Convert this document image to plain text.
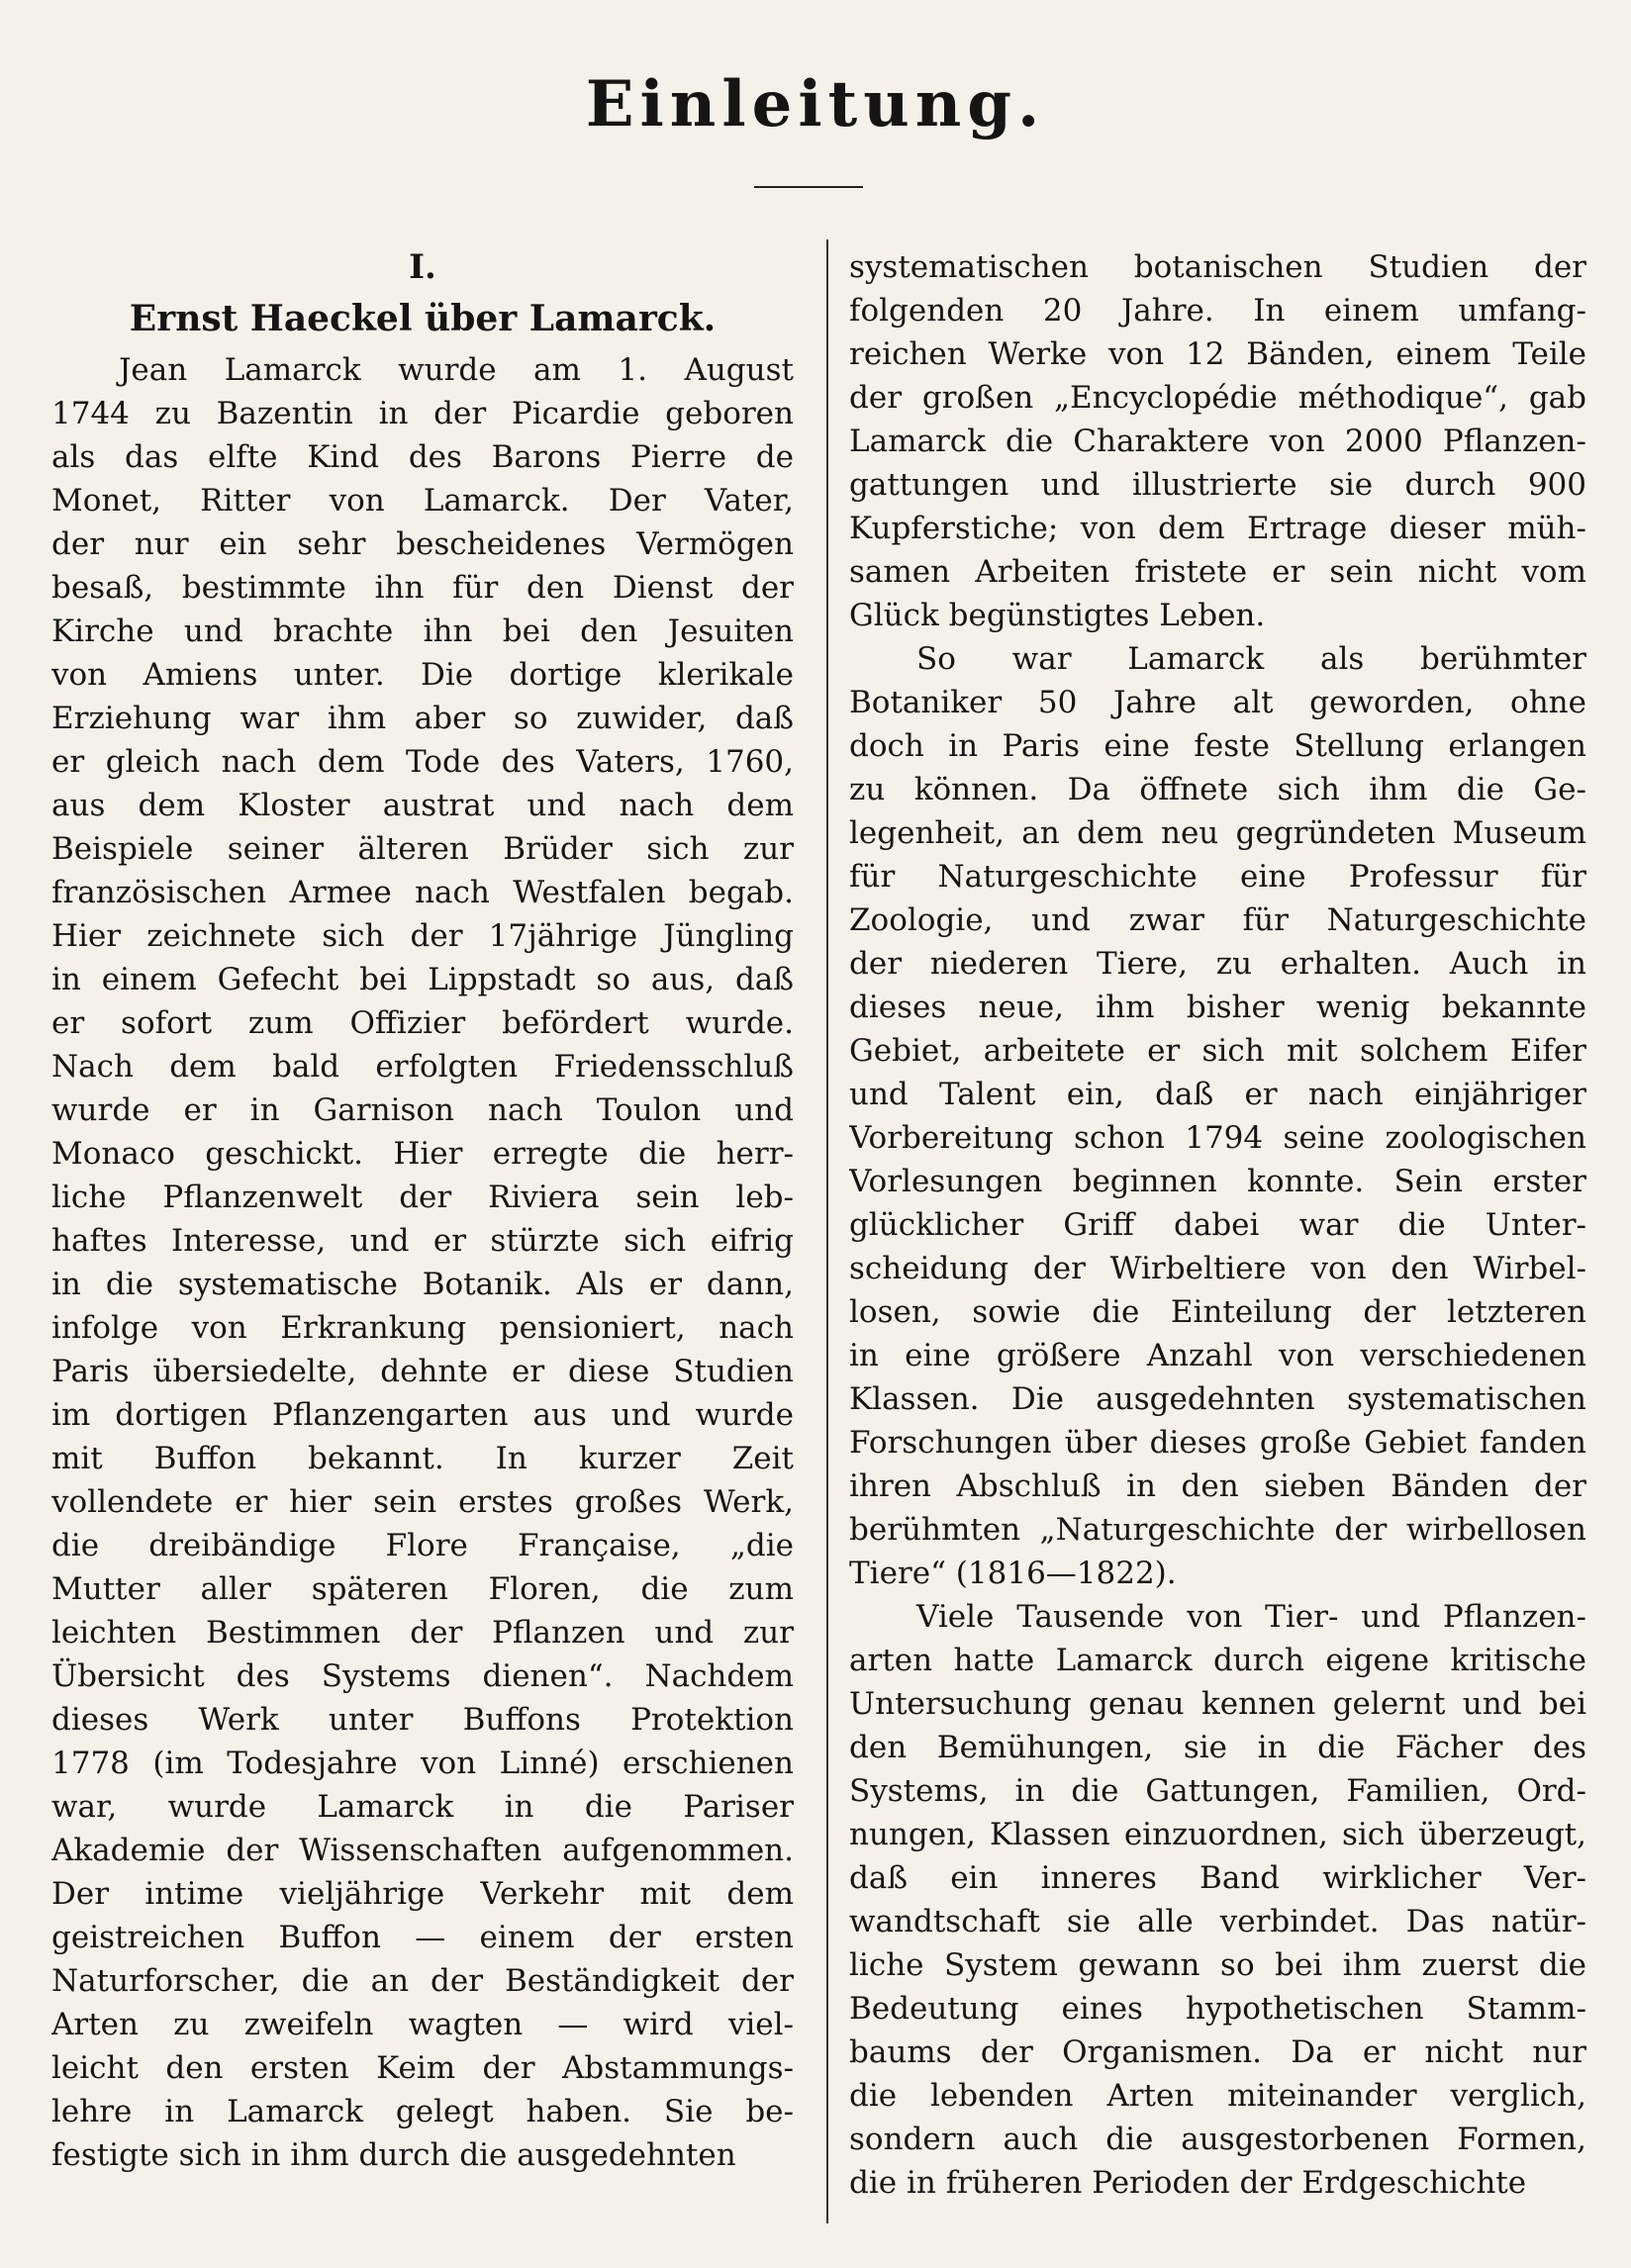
Einleitung.

I.

Ernst Haeckel über Lamarck.

Jean Lamarck wurde am 1. August
1744 zu Bazentin in der Picardie geboren
als das elfte Kind des Barons Pierre de
Monet, Ritter von Lamarck. Der Vater,
der nur ein sehr bescheidenes Vermögen
besaß, bestimmte ihn für den Dienst der
Kirche und brachte ihn bei den Jesuiten
von Amiens unter. Die dortige klerikale
Erziehung war ihm aber so zuwider, daß
er gleich nach dem Tode des Vaters, 1760,
aus dem Kloster austrat und nach dem
Beispiele seiner älteren Brüder sich zur
französischen Armee nach Westfalen begab.
Hier zeichnete sich der 17jährige Jüngling
in einem Gefecht bei Lippstadt so aus, daß
er sofort zum Offizier befördert wurde.
Nach dem bald erfolgten Friedensschluß
wurde er in Garnison nach Toulon und
Monaco geschickt. Hier erregte die herr-
liche Pflanzenwelt der Riviera sein leb-
haftes Interesse, und er stürzte sich eifrig
in die systematische Botanik. Als er dann,
infolge von Erkrankung pensioniert, nach
Paris übersiedelte, dehnte er diese Studien
im dortigen Pflanzengarten aus und wurde
mit Buffon bekannt. In kurzer Zeit
vollendete er hier sein erstes großes Werk,
die dreibändige Flore Française, „die
Mutter aller späteren Floren, die zum
leichten Bestimmen der Pflanzen und zur
Übersicht des Systems dienen“. Nachdem
dieses Werk unter Buffons Protektion
1778 (im Todesjahre von Linné) erschienen
war, wurde Lamarck in die Pariser
Akademie der Wissenschaften aufgenommen.
Der intime vieljährige Verkehr mit dem
geistreichen Buffon — einem der ersten
Naturforscher, die an der Beständigkeit der
Arten zu zweifeln wagten — wird viel-
leicht den ersten Keim der Abstammungs-
lehre in Lamarck gelegt haben. Sie be-
festigte sich in ihm durch die ausgedehnten
systematischen botanischen Studien der
folgenden 20 Jahre. In einem umfang-
reichen Werke von 12 Bänden, einem Teile
der großen „Encyclopédie méthodique“, gab
Lamarck die Charaktere von 2000 Pflanzen-
gattungen und illustrierte sie durch 900
Kupferstiche; von dem Ertrage dieser müh-
samen Arbeiten fristete er sein nicht vom
Glück begünstigtes Leben.
So war Lamarck als berühmter
Botaniker 50 Jahre alt geworden, ohne
doch in Paris eine feste Stellung erlangen
zu können. Da öffnete sich ihm die Ge-
legenheit, an dem neu gegründeten Museum
für Naturgeschichte eine Professur für
Zoologie, und zwar für Naturgeschichte
der niederen Tiere, zu erhalten. Auch in
dieses neue, ihm bisher wenig bekannte
Gebiet, arbeitete er sich mit solchem Eifer
und Talent ein, daß er nach einjähriger
Vorbereitung schon 1794 seine zoologischen
Vorlesungen beginnen konnte. Sein erster
glücklicher Griff dabei war die Unter-
scheidung der Wirbeltiere von den Wirbel-
losen, sowie die Einteilung der letzteren
in eine größere Anzahl von verschiedenen
Klassen. Die ausgedehnten systematischen
Forschungen über dieses große Gebiet fanden
ihren Abschluß in den sieben Bänden der
berühmten „Naturgeschichte der wirbellosen
Tiere“ (1816—1822).
Viele Tausende von Tier- und Pflanzen-
arten hatte Lamarck durch eigene kritische
Untersuchung genau kennen gelernt und bei
den Bemühungen, sie in die Fächer des
Systems, in die Gattungen, Familien, Ord-
nungen, Klassen einzuordnen, sich überzeugt,
daß ein inneres Band wirklicher Ver-
wandtschaft sie alle verbindet. Das natür-
liche System gewann so bei ihm zuerst die
Bedeutung eines hypothetischen Stamm-
baums der Organismen. Da er nicht nur
die lebenden Arten miteinander verglich,
sondern auch die ausgestorbenen Formen,
die in früheren Perioden der Erdgeschichte
